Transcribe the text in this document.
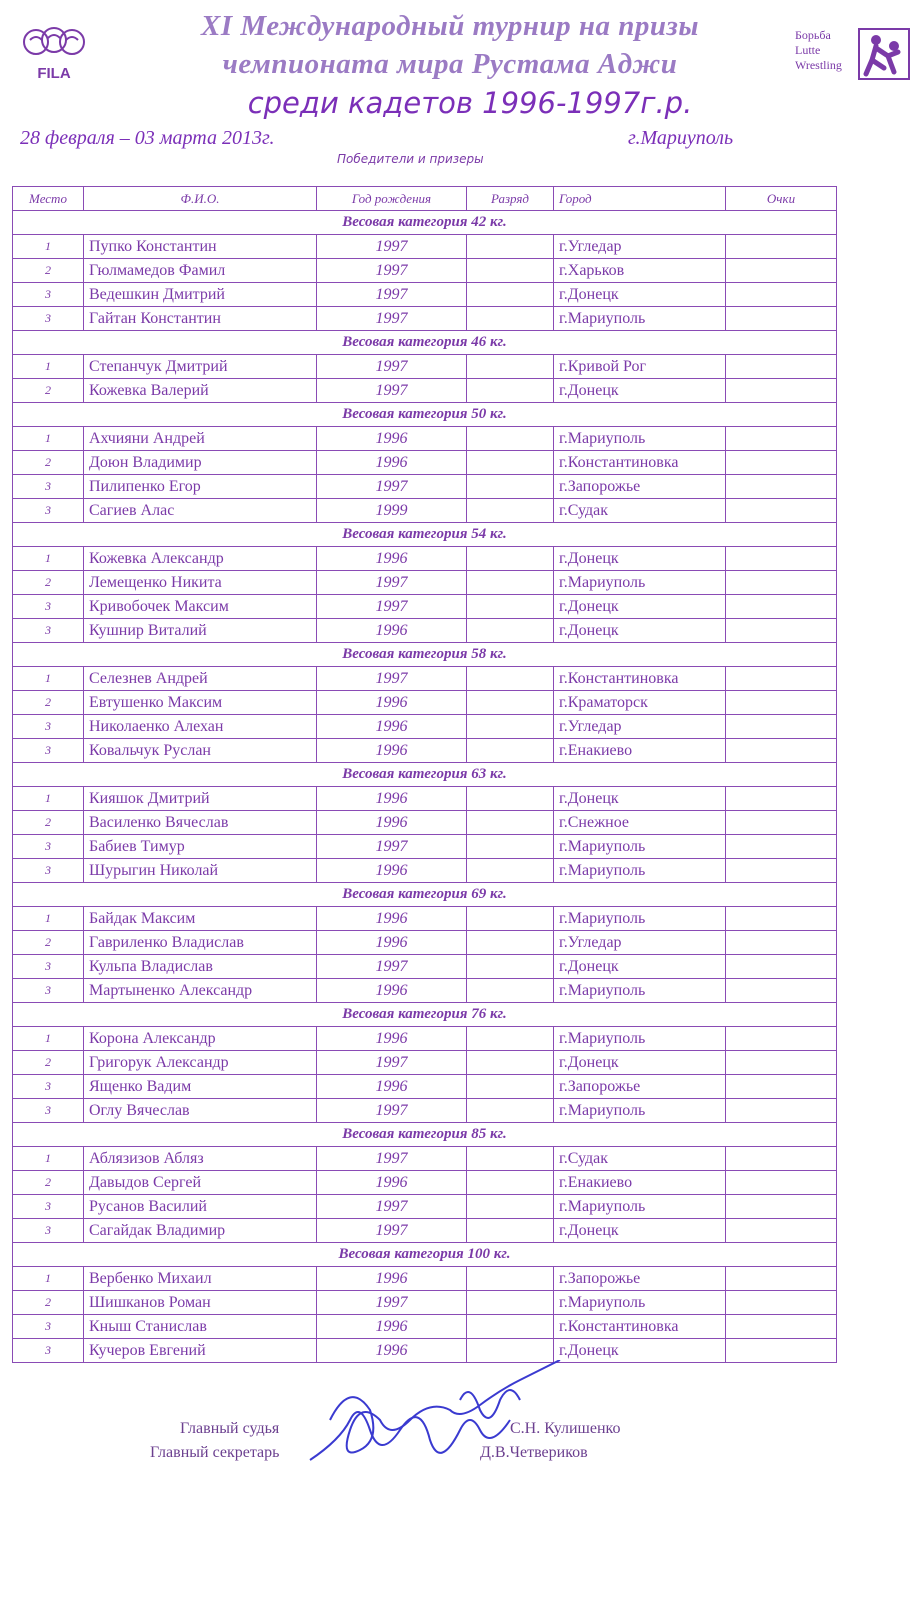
FILA
XI Международный турнир на призы
чемпионата мира Рустама Аджи
среди кадетов 1996-1997г.р.
Борьба
Lutte
Wrestling
28 февраля – 03 марта 2013г.	г.Мариуполь
Победители и призеры
Место	Ф.И.О.	Год рождения	Разряд	Город	Очки
Весовая категория 42 кг.					
1	Пупко Константин	1997		г.Угледар	
2	Гюлмамедов Фамил	1997		г.Харьков	
3	Ведешкин Дмитрий	1997		г.Донецк	
3	Гайтан Константин	1997		г.Мариуполь	
Весовая категория 46 кг.					
1	Степанчук Дмитрий	1997		г.Кривой Рог	
2	Кожевка Валерий	1997		г.Донецк	
Весовая категория 50 кг.					
1	Ахчияни Андрей	1996		г.Мариуполь	
2	Доюн Владимир	1996		г.Константиновка	
3	Пилипенко Егор	1997		г.Запорожье	
3	Сагиев Алас	1999		г.Судак	
Весовая категория 54 кг.					
1	Кожевка Александр	1996		г.Донецк	
2	Лемещенко Никита	1997		г.Мариуполь	
3	Кривобочек Максим	1997		г.Донецк	
3	Кушнир Виталий	1996		г.Донецк	
Весовая категория 58 кг.					
1	Селезнев Андрей	1997		г.Константиновка	
2	Евтушенко Максим	1996		г.Краматорск	
3	Николаенко Алехан	1996		г.Угледар	
3	Ковальчук Руслан	1996		г.Енакиево	
Весовая категория 63 кг.					
1	Кияшок Дмитрий	1996		г.Донецк	
2	Василенко Вячеслав	1996		г.Снежное	
3	Бабиев Тимур	1997		г.Мариуполь	
3	Шурыгин Николай	1996		г.Мариуполь	
Весовая категория 69 кг.					
1	Байдак Максим	1996		г.Мариуполь	
2	Гавриленко Владислав	1996		г.Угледар	
3	Кульпа Владислав	1997		г.Донецк	
3	Мартыненко Александр	1996		г.Мариуполь	
Весовая категория 76 кг.					
1	Корона Александр	1996		г.Мариуполь	
2	Григорук Александр	1997		г.Донецк	
3	Ященко Вадим	1996		г.Запорожье	
3	Оглу Вячеслав	1997		г.Мариуполь	
Весовая категория 85 кг.					
1	Аблязизов Абляз	1997		г.Судак	
2	Давыдов Сергей	1996		г.Енакиево	
3	Русанов Василий	1997		г.Мариуполь	
3	Сагайдак Владимир	1997		г.Донецк	
Весовая категория 100 кг.					
1	Вербенко Михаил	1996		г.Запорожье	
2	Шишканов Роман	1997		г.Мариуполь	
3	Кныш Станислав	1996		г.Константиновка	
3	Кучеров Евгений	1996		г.Донецк	
Главный судья	С.Н. Кулишенко
Главный секретарь	Д.В.Четвериков
